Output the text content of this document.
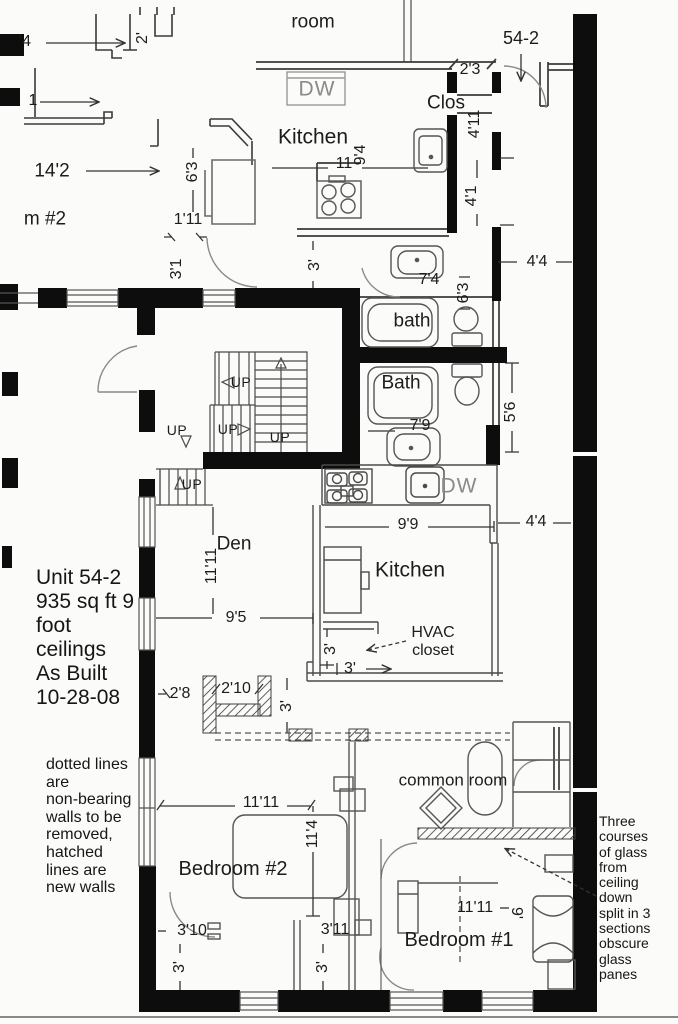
room
54-2
2'3
DW
Clos
4'11
Kitchen
9'4
11
4'1
'4	2'
1
14'2
m #2
6'3
1'11
3'1	3'
7'4
4'4
bath
6'3
Bath
7'9
5'6
UP
UP UP UP
UP	DW
9'9	4'4
Kitchen
Den
11'11
9'5
HVAC
closet
3'
3'
2'8 2'10
3'
common room
11'11
11'4
Bedroom #2
3'10	3'11
3'	3'
11'11 9'
Bedroom #1
Unit 54-2
935 sq ft 9
foot
ceilings
As Built
10-28-08
dotted lines
are
non-bearing
walls to be
removed,
hatched
lines are
new walls
Three
courses
of glass
from
ceiling
down
split in 3
sections
obscure
glass
panes
